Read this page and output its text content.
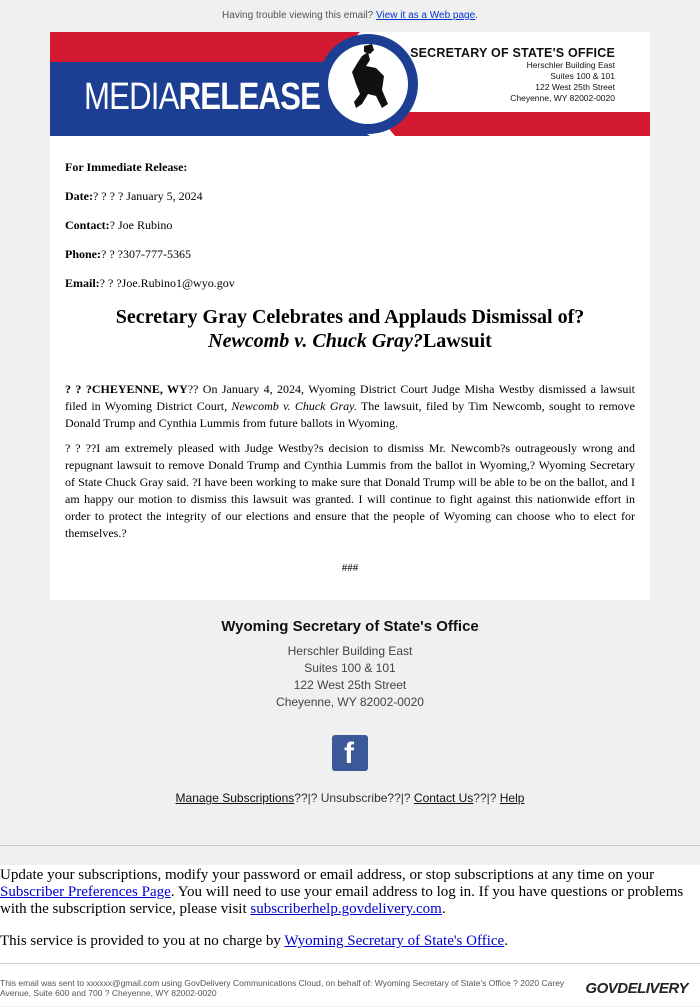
Having trouble viewing this email? View it as a Web page.
MEDIARELEASE
SECRETARY OF STATE'S OFFICE
Herschler Building East
Suites 100 & 101
122 West 25th Street
Cheyenne, WY 82002-0020

For Immediate Release:

Date:? ? ? ? January 5, 2024

Contact:? Joe Rubino

Phone:? ? ?307-777-5365

Email:? ? ?Joe.Rubino1@wyo.gov

Secretary Gray Celebrates and Applauds Dismissal of?
Newcomb v. Chuck Gray?Lawsuit

? ? ?CHEYENNE, WY?? On January 4, 2024, Wyoming District Court Judge Misha Westby dismissed a lawsuit filed in Wyoming District Court, Newcomb v. Chuck Gray. The lawsuit, filed by Tim Newcomb, sought to remove Donald Trump and Cynthia Lummis from future ballots in Wyoming.

? ? ??I am extremely pleased with Judge Westby?s decision to dismiss Mr. Newcomb?s outrageously wrong and repugnant lawsuit to remove Donald Trump and Cynthia Lummis from the ballot in Wyoming,? Wyoming Secretary of State Chuck Gray said. ?I have been working to make sure that Donald Trump will be able to be on the ballot, and I am happy our motion to dismiss this lawsuit was granted. I will continue to fight against this nationwide effort in order to protect the integrity of our elections and ensure that the people of Wyoming can choose who to elect for themselves.?

###
Wyoming Secretary of State's Office
Herschler Building East
Suites 100 & 101
122 West 25th Street
Cheyenne, WY 82002-0020
f
Manage Subscriptions??|? Unsubscribe??|? Contact Us??|? Help

Update your subscriptions, modify your password or email address, or stop subscriptions at any time on your Subscriber Preferences Page. You will need to use your email address to log in. If you have questions or problems with the subscription service, please visit subscriberhelp.govdelivery.com.

This service is provided to you at no charge by Wyoming Secretary of State's Office.

This email was sent to xxxxxx@gmail.com using GovDelivery Communications Cloud, on behalf of: Wyoming Secretary of State's Office ? 2020 Carey Avenue, Suite 600 and 700 ? Cheyenne, WY 82002-0020	GOVDELIVERY
